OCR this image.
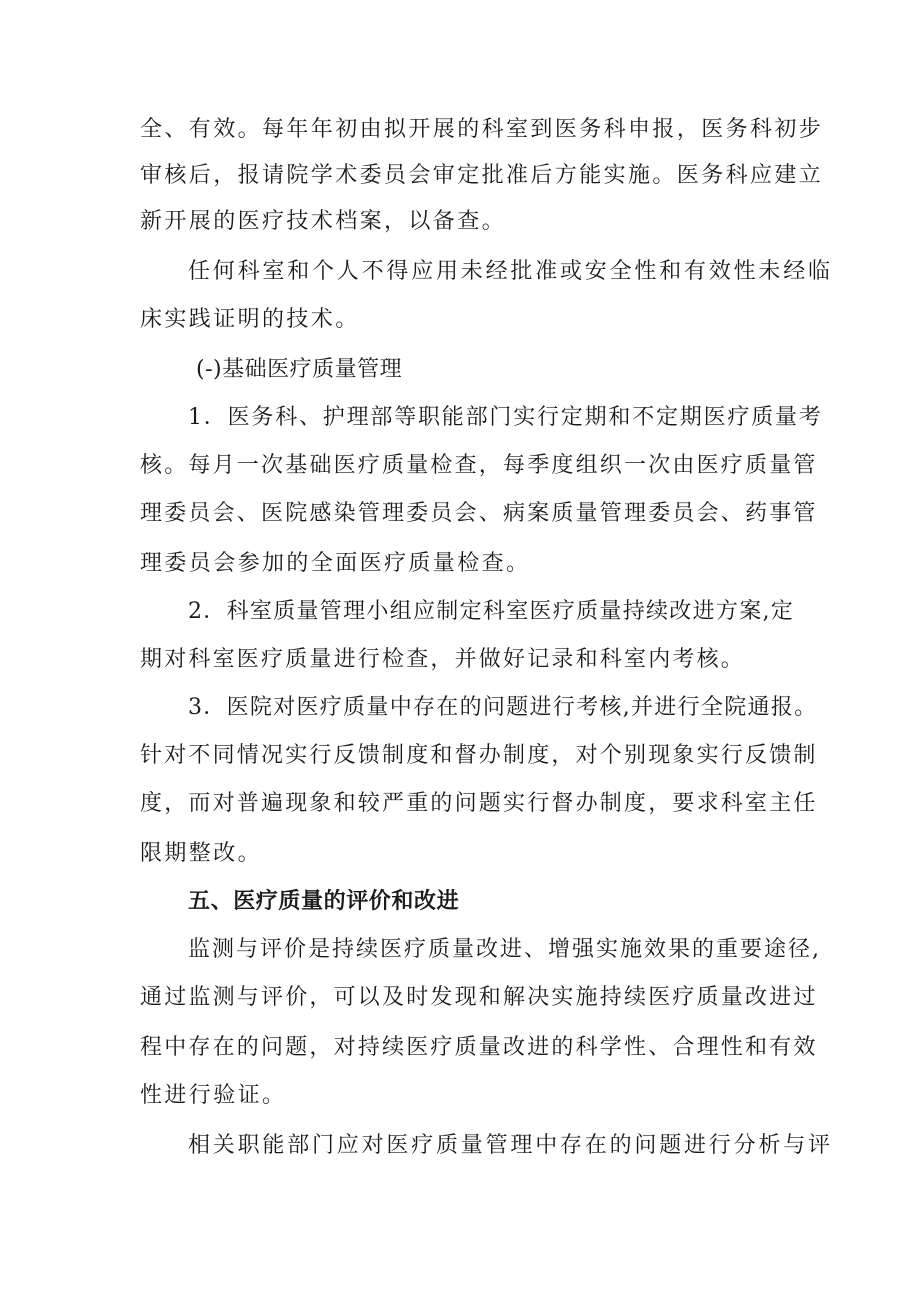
全、有效。每年年初由拟开展的科室到医务科申报，医务科初步
审核后，报请院学术委员会审定批准后方能实施。医务科应建立
新开展的医疗技术档案，以备查。
任何科室和个人不得应用未经批准或安全性和有效性未经临
床实践证明的技术。
(-)基础医疗质量管理
1．医务科、护理部等职能部门实行定期和不定期医疗质量考
核。每月一次基础医疗质量检查，每季度组织一次由医疗质量管
理委员会、医院感染管理委员会、病案质量管理委员会、药事管
理委员会参加的全面医疗质量检查。
2．科室质量管理小组应制定科室医疗质量持续改进方案,定
期对科室医疗质量进行检查，并做好记录和科室内考核。
3．医院对医疗质量中存在的问题进行考核,并进行全院通报。
针对不同情况实行反馈制度和督办制度，对个别现象实行反馈制
度，而对普遍现象和较严重的问题实行督办制度，要求科室主任
限期整改。
五、医疗质量的评价和改进
监测与评价是持续医疗质量改进、增强实施效果的重要途径,
通过监测与评价，可以及时发现和解决实施持续医疗质量改进过
程中存在的问题，对持续医疗质量改进的科学性、合理性和有效
性进行验证。
相关职能部门应对医疗质量管理中存在的问题进行分析与评
